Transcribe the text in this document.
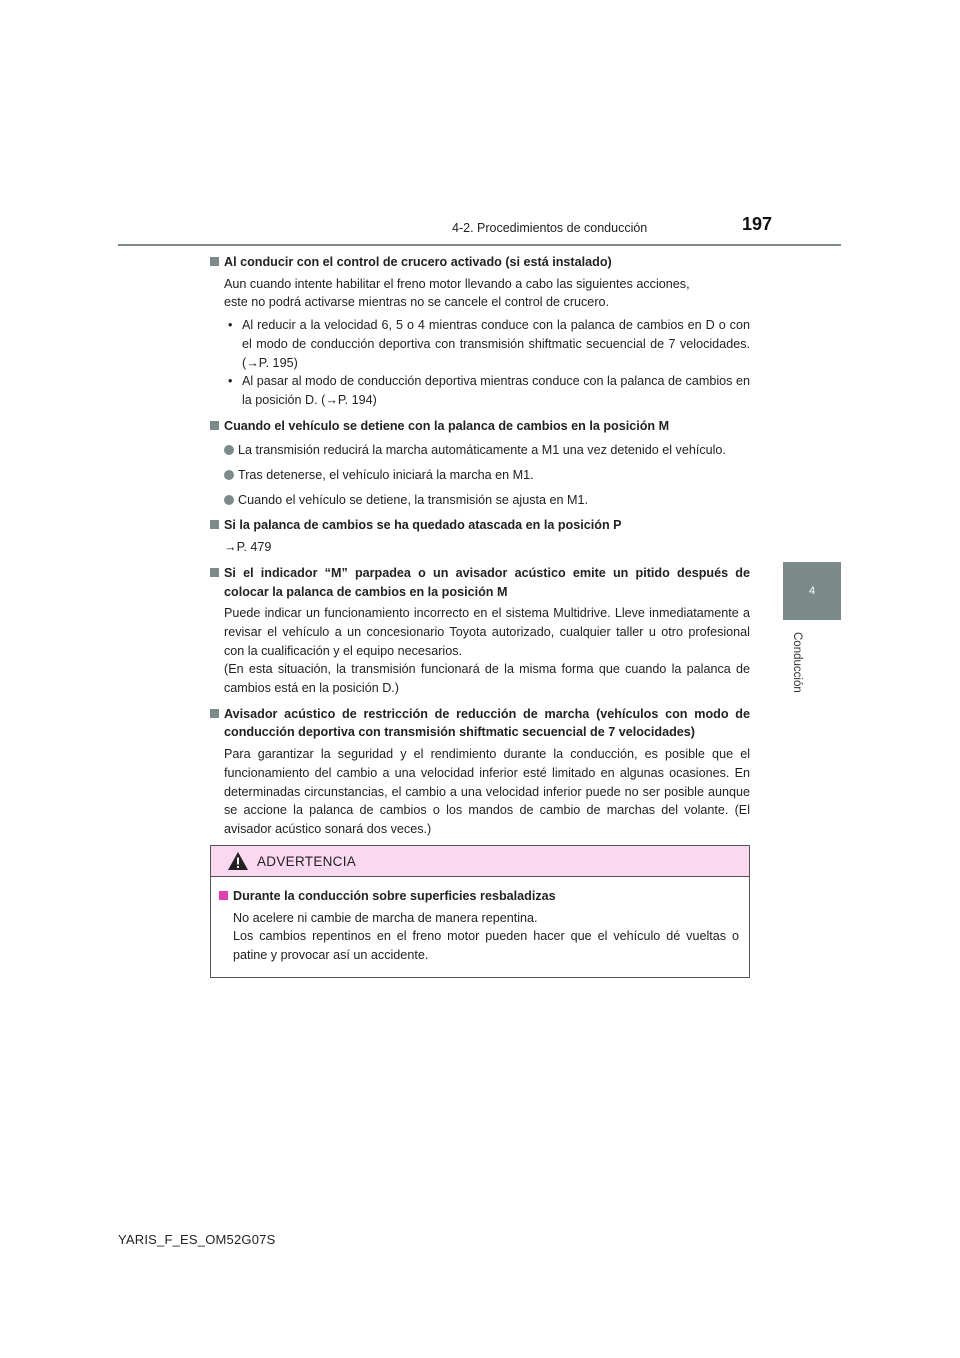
4-2. Procedimientos de conducción	197
4
Conducción
Al conducir con el control de crucero activado (si está instalado)
Aun cuando intente habilitar el freno motor llevando a cabo las siguientes acciones,
este no podrá activarse mientras no se cancele el control de crucero.
• Al reducir a la velocidad 6, 5 o 4 mientras conduce con la palanca de cambios en D o con el modo de conducción deportiva con transmisión shiftmatic secuencial de 7 velocidades. (→P. 195)
• Al pasar al modo de conducción deportiva mientras conduce con la palanca de cambios en la posición D. (→P. 194)
Cuando el vehículo se detiene con la palanca de cambios en la posición M
La transmisión reducirá la marcha automáticamente a M1 una vez detenido el vehículo.
Tras detenerse, el vehículo iniciará la marcha en M1.
Cuando el vehículo se detiene, la transmisión se ajusta en M1.
Si la palanca de cambios se ha quedado atascada en la posición P
→P. 479
Si el indicador “M” parpadea o un avisador acústico emite un pitido después de colocar la palanca de cambios en la posición M
Puede indicar un funcionamiento incorrecto en el sistema Multidrive. Lleve inmediatamente a revisar el vehículo a un concesionario Toyota autorizado, cualquier taller u otro profesional con la cualificación y el equipo necesarios.
(En esta situación, la transmisión funcionará de la misma forma que cuando la palanca de cambios está en la posición D.)
Avisador acústico de restricción de reducción de marcha (vehículos con modo de conducción deportiva con transmisión shiftmatic secuencial de 7 velocidades)
Para garantizar la seguridad y el rendimiento durante la conducción, es posible que el funcionamiento del cambio a una velocidad inferior esté limitado en algunas ocasiones. En determinadas circunstancias, el cambio a una velocidad inferior puede no ser posible aunque se accione la palanca de cambios o los mandos de cambio de marchas del volante. (El avisador acústico sonará dos veces.)
ADVERTENCIA
Durante la conducción sobre superficies resbaladizas
No acelere ni cambie de marcha de manera repentina.
Los cambios repentinos en el freno motor pueden hacer que el vehículo dé vueltas o patine y provocar así un accidente.
YARIS_F_ES_OM52G07S
